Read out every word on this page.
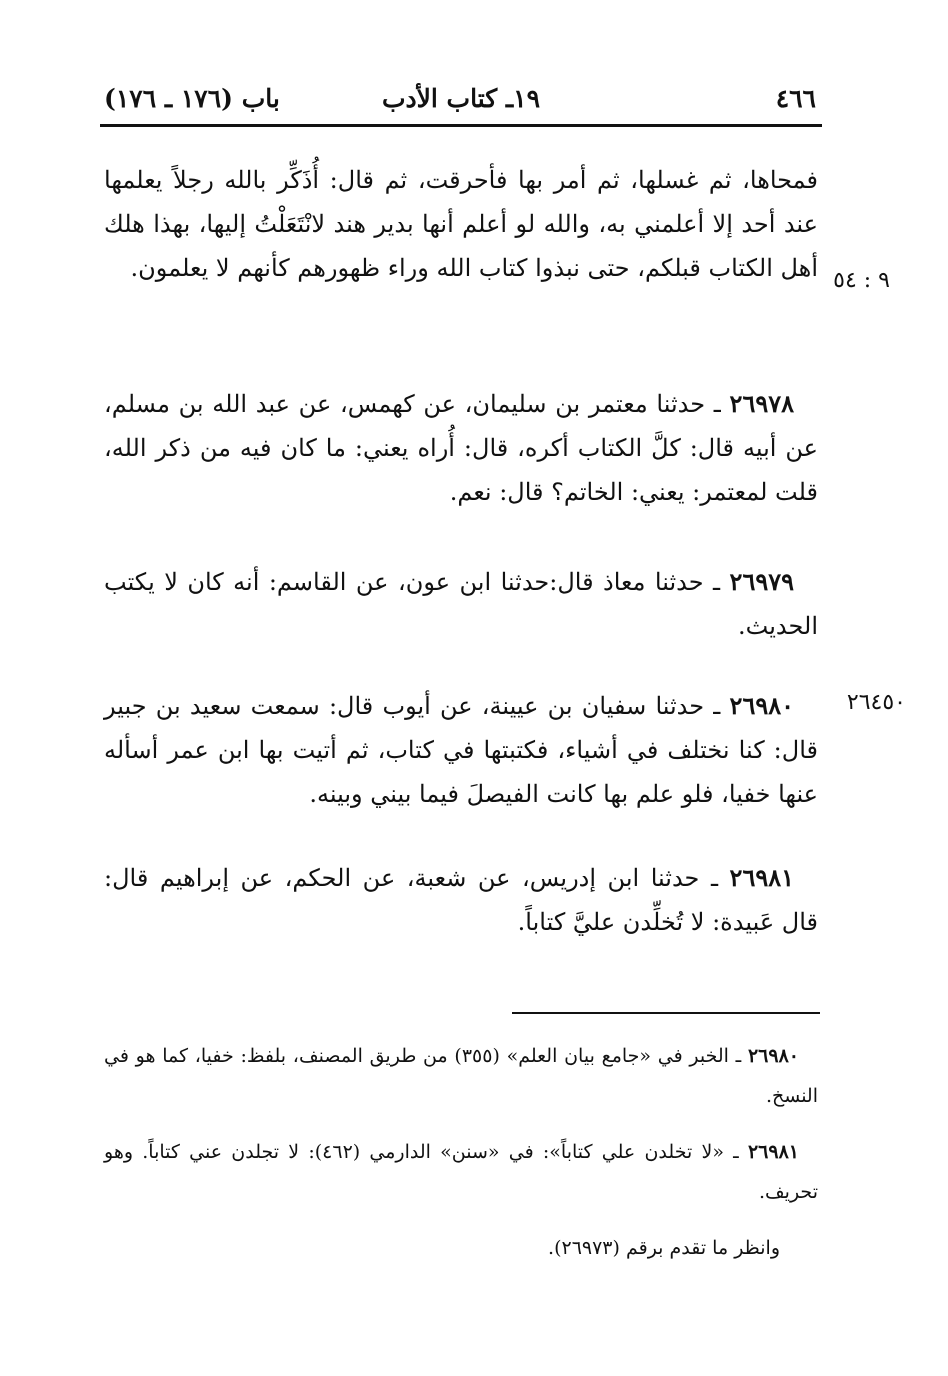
٤٦٦
١٩ـ كتاب الأدب
باب (١٧٦ ـ ١٧٦)
٩ : ٥٤
٢٦٤٥٠

فمحاها، ثم غسلها، ثم أمر بها فأحرقت، ثم قال: أُذَكِّر بالله رجلاً يعلمها عند أحد إلا أعلمني به، والله لو أعلم أنها بدير هند لانْتَعَلْتُ إليها، بهذا هلك أهل الكتاب قبلكم، حتى نبذوا كتاب الله وراء ظهورهم كأنهم لا يعلمون.

 ٢٦٩٧٨ ـ حدثنا معتمر بن سليمان، عن كهمس، عن عبد الله بن مسلم، عن أبيه قال: كلَّ الكتاب أكره، قال: أُراه يعني: ما كان فيه من ذكر الله، قلت لمعتمر: يعني: الخاتم؟ قال: نعم.

 ٢٦٩٧٩ ـ حدثنا معاذ قال:حدثنا ابن عون، عن القاسم: أنه كان لا يكتب الحديث.

 ٢٦٩٨٠ ـ حدثنا سفيان بن عيينة، عن أيوب قال: سمعت سعيد بن جبير قال: كنا نختلف في أشياء، فكتبتها في كتاب، ثم أتيت بها ابن عمر أسأله عنها خفيا، فلو علم بها كانت الفيصلَ فيما بيني وبينه.

 ٢٦٩٨١ ـ حدثنا ابن إدريس، عن شعبة، عن الحكم، عن إبراهيم قال: قال عَبيدة: لا تُخلِّدن عليَّ كتاباً.

 ٢٦٩٨٠ ـ الخبر في «جامع بيان العلم» (٣٥٥) من طريق المصنف، بلفظ: خفيا، كما هو في النسخ.

 ٢٦٩٨١ ـ «لا تخلدن علي كتاباً»: في «سنن» الدارمي (٤٦٢): لا تجلدن عني كتاباً. وهو تحريف.

  وانظر ما تقدم برقم (٢٦٩٧٣).
